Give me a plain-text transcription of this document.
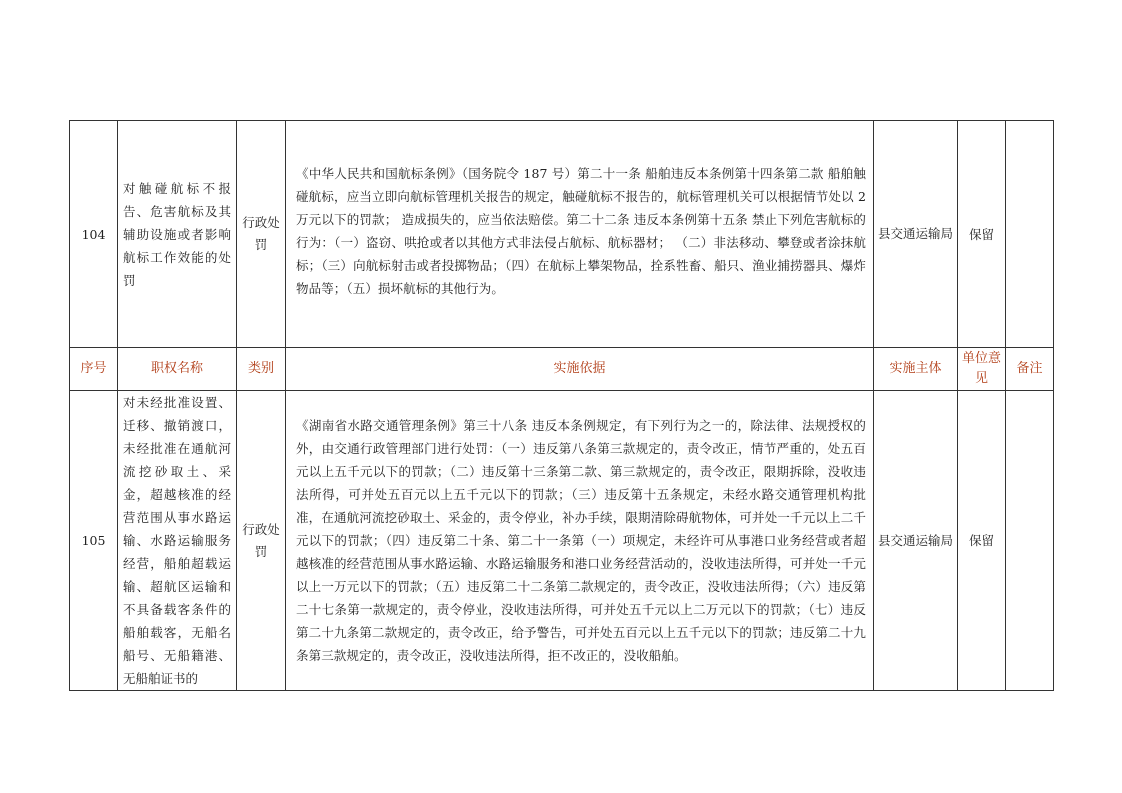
104	对触碰航标不报告、危害航标及其辅助设施或者影响航标工作效能的处罚	行政处罚	《中华人民共和国航标条例》（国务院令 187 号）第二十一条 船舶违反本条例第十四条第二款 船舶触碰航标，应当立即向航标管理机关报告的规定，触碰航标不报告的，航标管理机关可以根据情节处以 2 万元以下的罚款； 造成损失的，应当依法赔偿。第二十二条 违反本条例第十五条 禁止下列危害航标的行为：（一）盗窃、哄抢或者以其他方式非法侵占航标、航标器材； （二）非法移动、攀登或者涂抹航标；（三）向航标射击或者投掷物品；（四）在航标上攀架物品，拴系牲畜、船只、渔业捕捞器具、爆炸物品等；（五）损坏航标的其他行为。	县交通运输局	保留	
序号	职权名称	类别	实施依据	实施主体	单位意见	备注
105	对未经批准设置、迁移、撤销渡口，未经批准在通航河流挖砂取土、采金，超越核准的经营范围从事水路运输、水路运输服务经营，船舶超载运输、超航区运输和不具备载客条件的船舶载客，无船名船号、无船籍港、无船舶证书的	行政处罚	《湖南省水路交通管理条例》第三十八条 违反本条例规定，有下列行为之一的，除法律、法规授权的外，由交通行政管理部门进行处罚：（一）违反第八条第三款规定的，责令改正，情节严重的，处五百元以上五千元以下的罚款；（二）违反第十三条第二款、第三款规定的，责令改正，限期拆除，没收违法所得，可并处五百元以上五千元以下的罚款；（三）违反第十五条规定，未经水路交通管理机构批准，在通航河流挖砂取土、采金的，责令停业，补办手续，限期清除碍航物体，可并处一千元以上二千元以下的罚款；（四）违反第二十条、第二十一条第（一）项规定，未经许可从事港口业务经营或者超越核准的经营范围从事水路运输、水路运输服务和港口业务经营活动的，没收违法所得，可并处一千元以上一万元以下的罚款；（五）违反第二十二条第二款规定的，责令改正，没收违法所得；（六）违反第二十七条第一款规定的，责令停业，没收违法所得，可并处五千元以上二万元以下的罚款；（七）违反第二十九条第二款规定的，责令改正，给予警告，可并处五百元以上五千元以下的罚款；违反第二十九条第三款规定的，责令改正，没收违法所得，拒不改正的，没收船舶。	县交通运输局	保留	
